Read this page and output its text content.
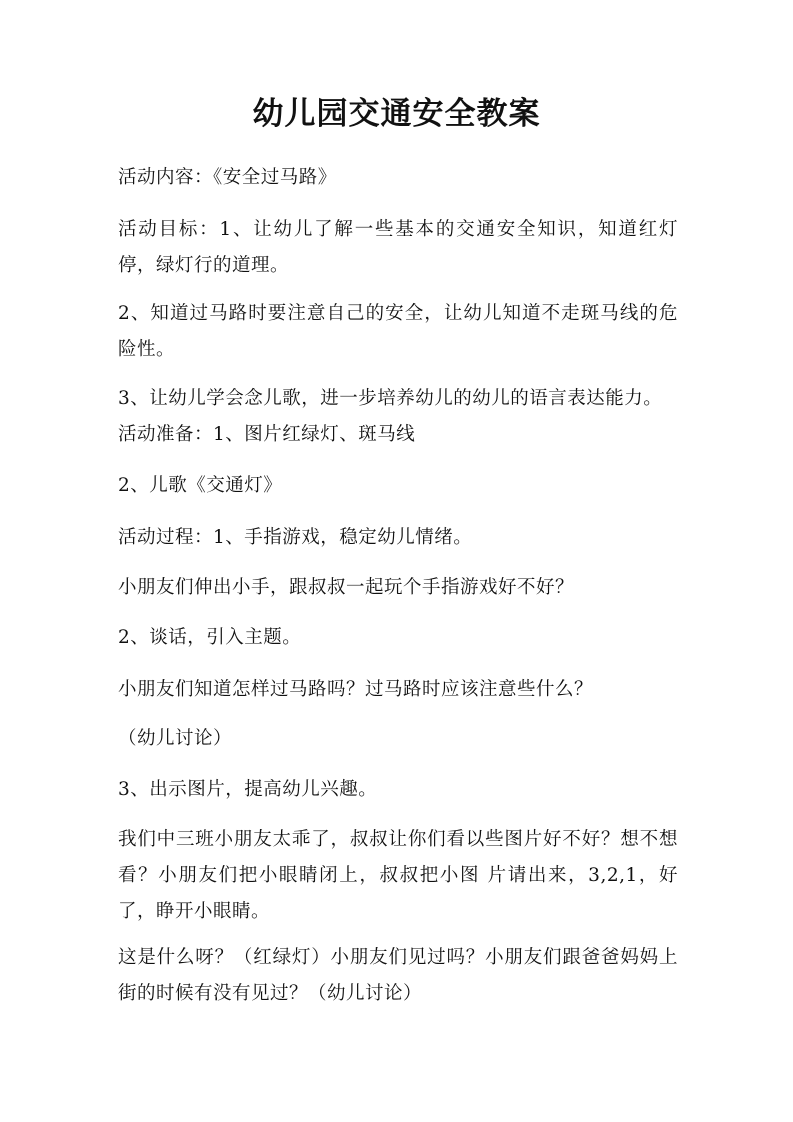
幼儿园交通安全教案
活动内容：《安全过马路》
活动目标：1、让幼儿了解一些基本的交通安全知识，知道红灯停，绿灯行的道理。
2、知道过马路时要注意自己的安全，让幼儿知道不走斑马线的危险性。
3、让幼儿学会念儿歌，进一步培养幼儿的幼儿的语言表达能力。
活动准备：1、图片红绿灯、斑马线
2、儿歌《交通灯》
活动过程：1、手指游戏，稳定幼儿情绪。
小朋友们伸出小手，跟叔叔一起玩个手指游戏好不好？
2、谈话，引入主题。
小朋友们知道怎样过马路吗？过马路时应该注意些什么？
（幼儿讨论）
3、出示图片，提高幼儿兴趣。
我们中三班小朋友太乖了，叔叔让你们看以些图片好不好？想不想看？小朋友们把小眼睛闭上，叔叔把小图 片请出来，3,2,1，好了，睁开小眼睛。
这是什么呀？（红绿灯）小朋友们见过吗？小朋友们跟爸爸妈妈上街的时候有没有见过？（幼儿讨论）
